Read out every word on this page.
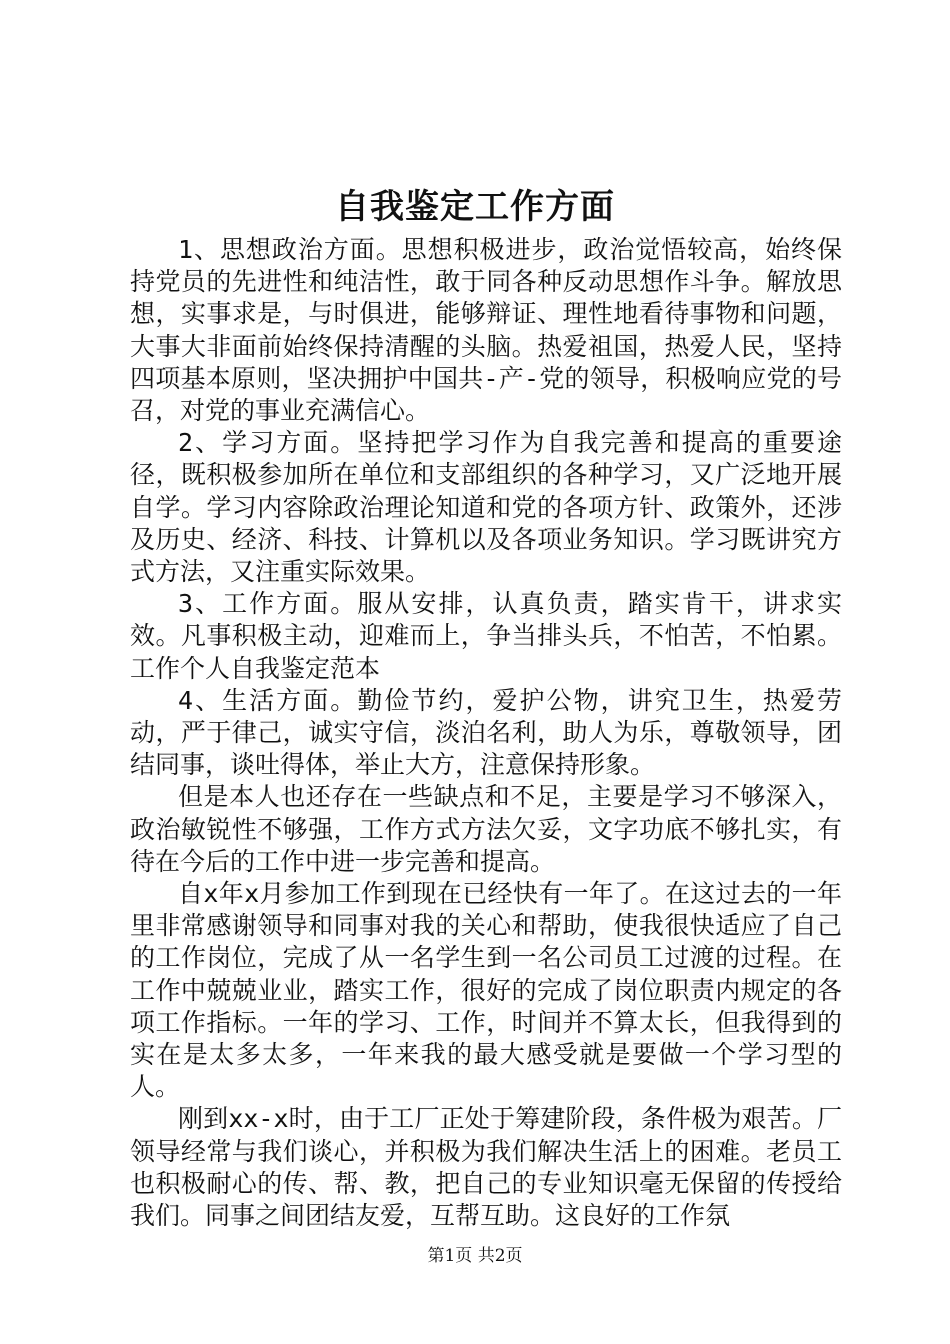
自我鉴定工作方面

1、思想政治方面。思想积极进步，政治觉悟较高，始终保持党员的先进性和纯洁性，敢于同各种反动思想作斗争。解放思想，实事求是，与时俱进，能够辩证、理性地看待事物和问题，大事大非面前始终保持清醒的头脑。热爱祖国，热爱人民，坚持四项基本原则，坚决拥护中国共-产-党的领导，积极响应党的号召，对党的事业充满信心。

2、学习方面。坚持把学习作为自我完善和提高的重要途径，既积极参加所在单位和支部组织的各种学习，又广泛地开展自学。学习内容除政治理论知道和党的各项方针、政策外，还涉及历史、经济、科技、计算机以及各项业务知识。学习既讲究方式方法，又注重实际效果。

3、工作方面。服从安排，认真负责，踏实肯干，讲求实效。凡事积极主动，迎难而上，争当排头兵，不怕苦，不怕累。工作个人自我鉴定范本

4、生活方面。勤俭节约，爱护公物，讲究卫生，热爱劳动，严于律己，诚实守信，淡泊名利，助人为乐，尊敬领导，团结同事，谈吐得体，举止大方，注意保持形象。

但是本人也还存在一些缺点和不足，主要是学习不够深入，政治敏锐性不够强，工作方式方法欠妥，文字功底不够扎实，有待在今后的工作中进一步完善和提高。

自x年x月参加工作到现在已经快有一年了。在这过去的一年里非常感谢领导和同事对我的关心和帮助，使我很快适应了自己的工作岗位，完成了从一名学生到一名公司员工过渡的过程。在工作中兢兢业业，踏实工作，很好的完成了岗位职责内规定的各项工作指标。一年的学习、工作，时间并不算太长，但我得到的实在是太多太多，一年来我的最大感受就是要做一个学习型的人。

刚到xx-x时，由于工厂正处于筹建阶段，条件极为艰苦。厂领导经常与我们谈心，并积极为我们解决生活上的困难。老员工也积极耐心的传、帮、教，把自己的专业知识毫无保留的传授给我们。同事之间团结友爱，互帮互助。这良好的工作氛

第1页 共2页
